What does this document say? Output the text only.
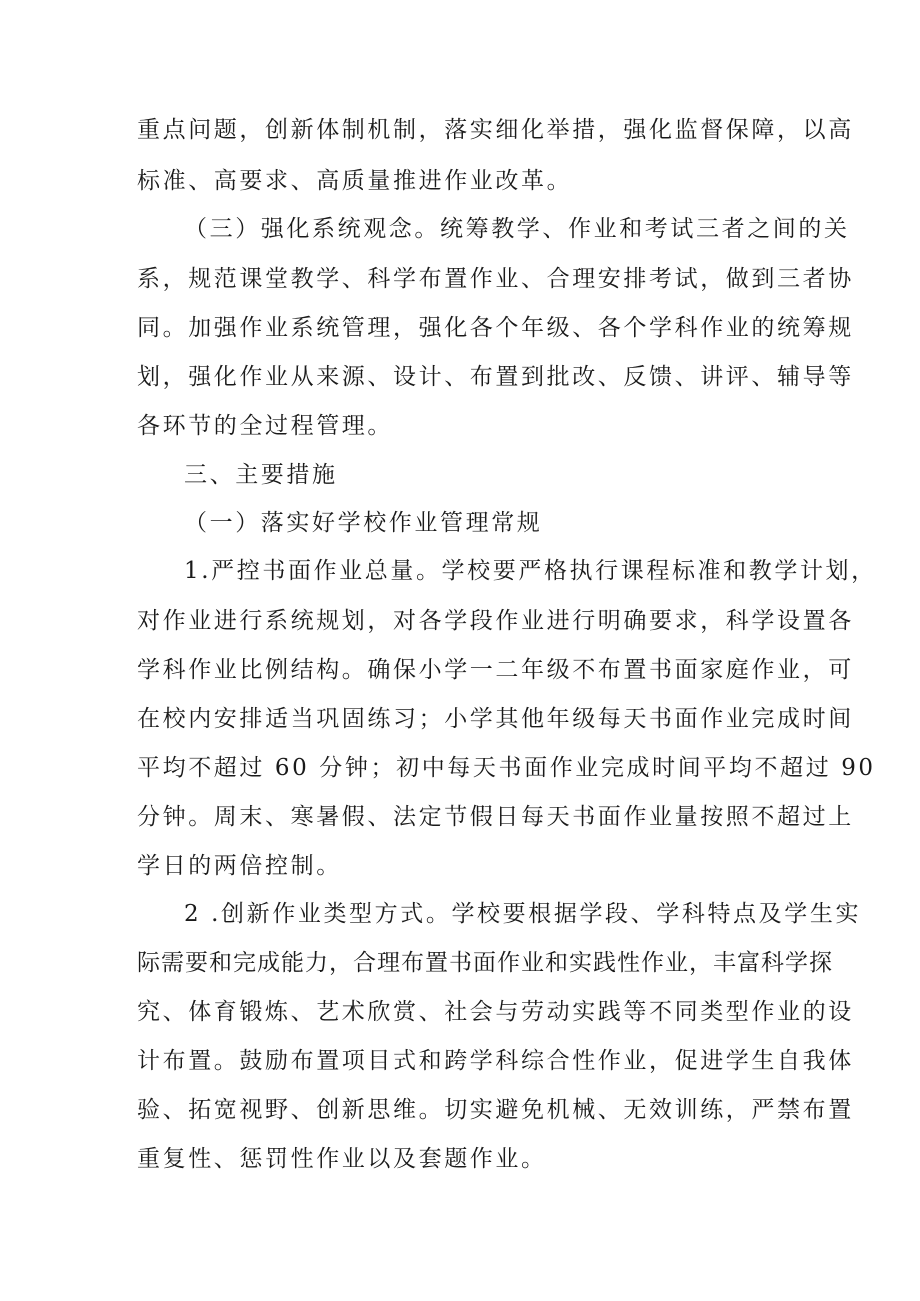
重点问题，创新体制机制，落实细化举措，强化监督保障，以高
标准、高要求、高质量推进作业改革。
（三）强化系统观念。统筹教学、作业和考试三者之间的关
系，规范课堂教学、科学布置作业、合理安排考试，做到三者协
同。加强作业系统管理，强化各个年级、各个学科作业的统筹规
划，强化作业从来源、设计、布置到批改、反馈、讲评、辅导等
各环节的全过程管理。
三、主要措施
（一）落实好学校作业管理常规
1.严控书面作业总量。学校要严格执行课程标准和教学计划，
对作业进行系统规划，对各学段作业进行明确要求，科学设置各
学科作业比例结构。确保小学一二年级不布置书面家庭作业，可
在校内安排适当巩固练习；小学其他年级每天书面作业完成时间
平均不超过 60 分钟；初中每天书面作业完成时间平均不超过 90
分钟。周末、寒暑假、法定节假日每天书面作业量按照不超过上
学日的两倍控制。
2 .创新作业类型方式。学校要根据学段、学科特点及学生实
际需要和完成能力，合理布置书面作业和实践性作业，丰富科学探
究、体育锻炼、艺术欣赏、社会与劳动实践等不同类型作业的设
计布置。鼓励布置项目式和跨学科综合性作业，促进学生自我体
验、拓宽视野、创新思维。切实避免机械、无效训练，严禁布置
重复性、惩罚性作业以及套题作业。
